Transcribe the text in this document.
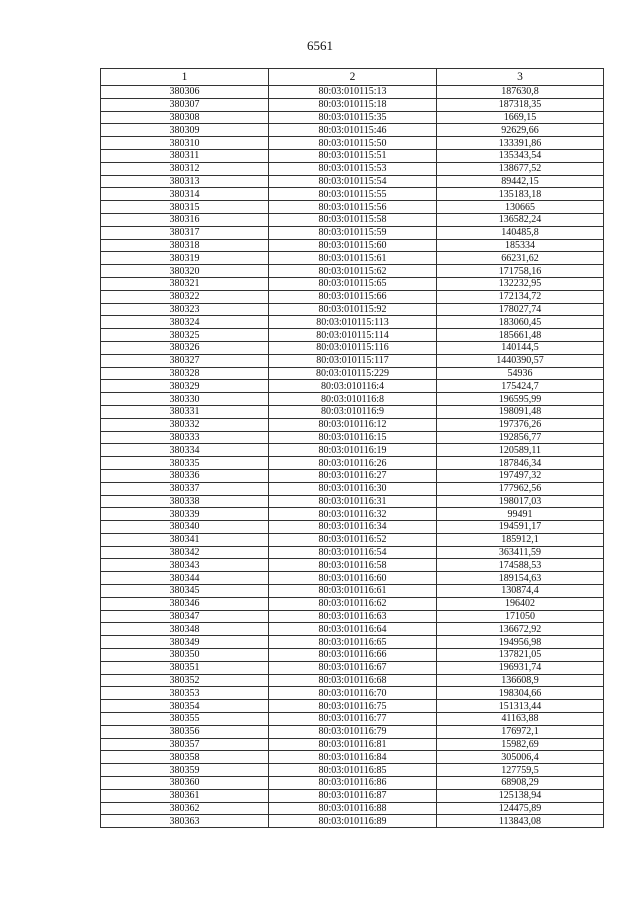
6561
1	2	3
380306	80:03:010115:13	187630,8
380307	80:03:010115:18	187318,35
380308	80:03:010115:35	1669,15
380309	80:03:010115:46	92629,66
380310	80:03:010115:50	133391,86
380311	80:03:010115:51	135343,54
380312	80:03:010115:53	138677,52
380313	80:03:010115:54	89442,15
380314	80:03:010115:55	135183,18
380315	80:03:010115:56	130665
380316	80:03:010115:58	136582,24
380317	80:03:010115:59	140485,8
380318	80:03:010115:60	185334
380319	80:03:010115:61	66231,62
380320	80:03:010115:62	171758,16
380321	80:03:010115:65	132232,95
380322	80:03:010115:66	172134,72
380323	80:03:010115:92	178027,74
380324	80:03:010115:113	183060,45
380325	80:03:010115:114	185661,48
380326	80:03:010115:116	140144,5
380327	80:03:010115:117	1440390,57
380328	80:03:010115:229	54936
380329	80:03:010116:4	175424,7
380330	80:03:010116:8	196595,99
380331	80:03:010116:9	198091,48
380332	80:03:010116:12	197376,26
380333	80:03:010116:15	192856,77
380334	80:03:010116:19	120589,11
380335	80:03:010116:26	187846,34
380336	80:03:010116:27	197497,32
380337	80:03:010116:30	177962,56
380338	80:03:010116:31	198017,03
380339	80:03:010116:32	99491
380340	80:03:010116:34	194591,17
380341	80:03:010116:52	185912,1
380342	80:03:010116:54	363411,59
380343	80:03:010116:58	174588,53
380344	80:03:010116:60	189154,63
380345	80:03:010116:61	130874,4
380346	80:03:010116:62	196402
380347	80:03:010116:63	171050
380348	80:03:010116:64	136672,92
380349	80:03:010116:65	194956,98
380350	80:03:010116:66	137821,05
380351	80:03:010116:67	196931,74
380352	80:03:010116:68	136608,9
380353	80:03:010116:70	198304,66
380354	80:03:010116:75	151313,44
380355	80:03:010116:77	41163,88
380356	80:03:010116:79	176972,1
380357	80:03:010116:81	15982,69
380358	80:03:010116:84	305006,4
380359	80:03:010116:85	127759,5
380360	80:03:010116:86	68908,29
380361	80:03:010116:87	125138,94
380362	80:03:010116:88	124475,89
380363	80:03:010116:89	113843,08
